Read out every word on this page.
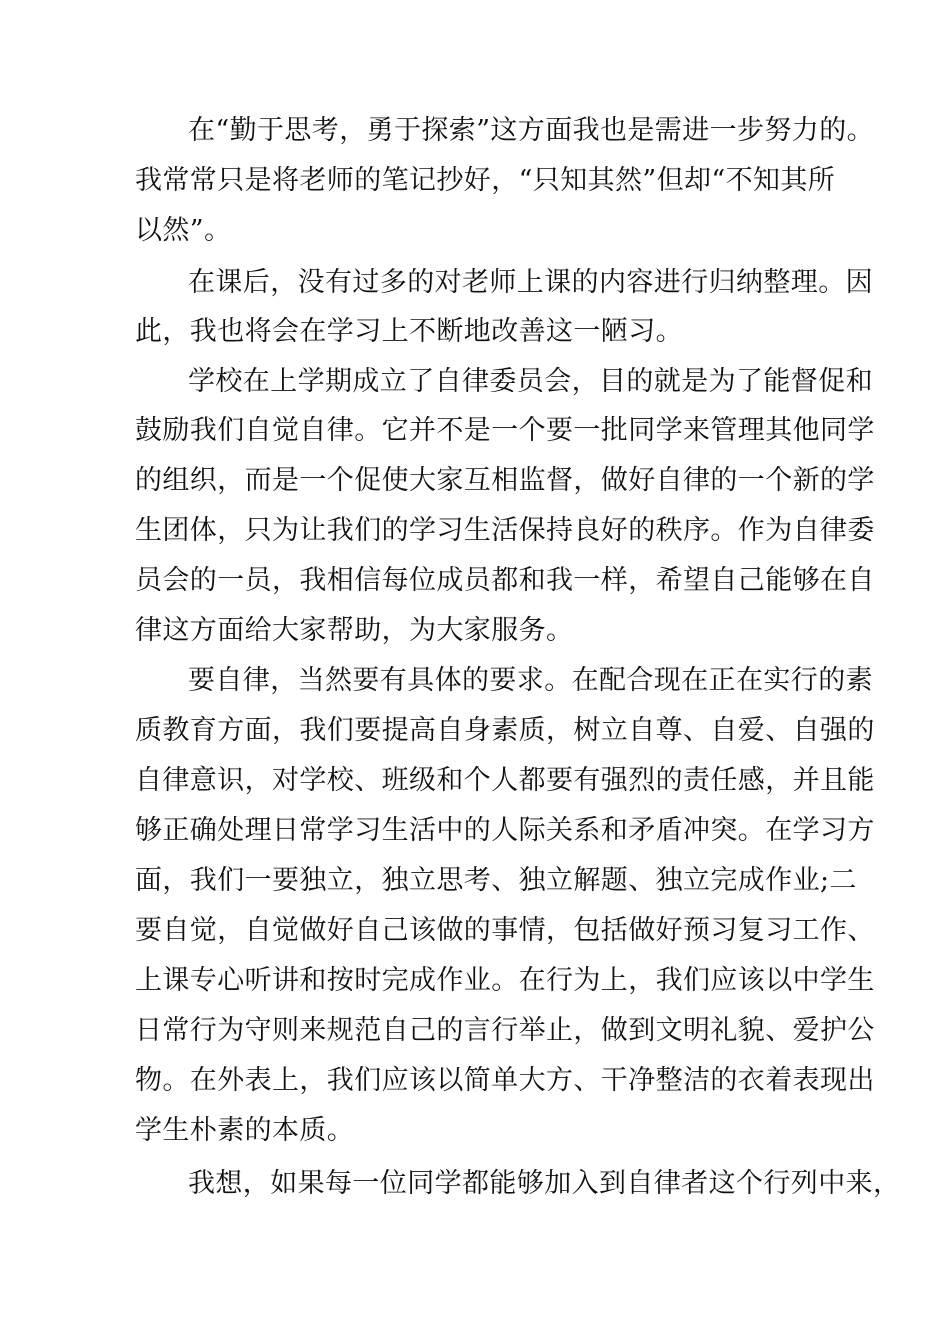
在“勤于思考，勇于探索”这方面我也是需进一步努力的。
我常常只是将老师的笔记抄好，“只知其然”但却“不知其所
以然”。
在课后，没有过多的对老师上课的内容进行归纳整理。因
此，我也将会在学习上不断地改善这一陋习。
学校在上学期成立了自律委员会，目的就是为了能督促和
鼓励我们自觉自律。它并不是一个要一批同学来管理其他同学
的组织，而是一个促使大家互相监督，做好自律的一个新的学
生团体，只为让我们的学习生活保持良好的秩序。作为自律委
员会的一员，我相信每位成员都和我一样，希望自己能够在自
律这方面给大家帮助，为大家服务。
要自律，当然要有具体的要求。在配合现在正在实行的素
质教育方面，我们要提高自身素质，树立自尊、自爱、自强的
自律意识，对学校、班级和个人都要有强烈的责任感，并且能
够正确处理日常学习生活中的人际关系和矛盾冲突。在学习方
面，我们一要独立，独立思考、独立解题、独立完成作业;二
要自觉，自觉做好自己该做的事情，包括做好预习复习工作、
上课专心听讲和按时完成作业。在行为上，我们应该以中学生
日常行为守则来规范自己的言行举止，做到文明礼貌、爱护公
物。在外表上，我们应该以简单大方、干净整洁的衣着表现出
学生朴素的本质。
我想，如果每一位同学都能够加入到自律者这个行列中来，
